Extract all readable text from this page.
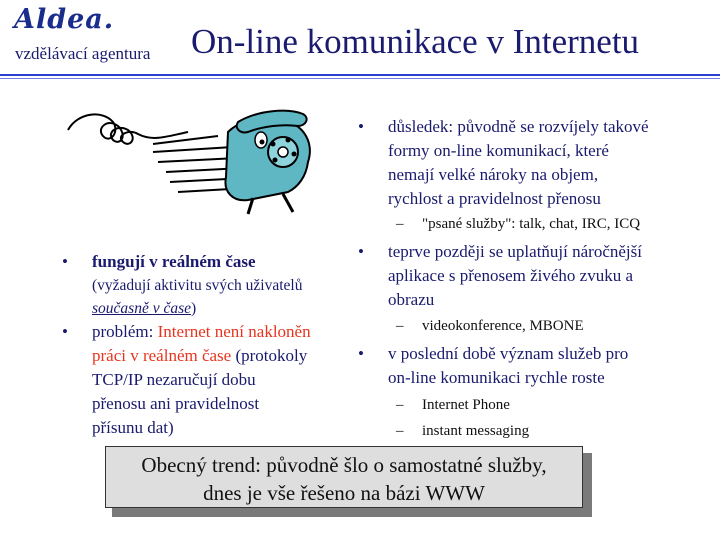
Aldea.
vzdělávací agentura On-line komunikace v Internetu
• fungují v reálném čase
(vyžadují aktivitu svých uživatelů
současně v čase)
• problém: Internet není nakloněn
práci v reálném čase (protokoly
TCP/IP nezaručují dobu
přenosu ani pravidelnost
přísunu dat)
• důsledek: původně se rozvíjely takové
formy on-line komunikací, které
nemají velké nároky na objem,
rychlost a pravidelnost přenosu
– "psané služby": talk, chat, IRC, ICQ
• teprve později se uplatňují náročnější
aplikace s přenosem živého zvuku a
obrazu
– videokonference, MBONE
• v poslední době význam služeb pro
on-line komunikaci rychle roste
– Internet Phone
– instant messaging
Obecný trend: původně šlo o samostatné služby,
dnes je vše řešeno na bázi WWW
